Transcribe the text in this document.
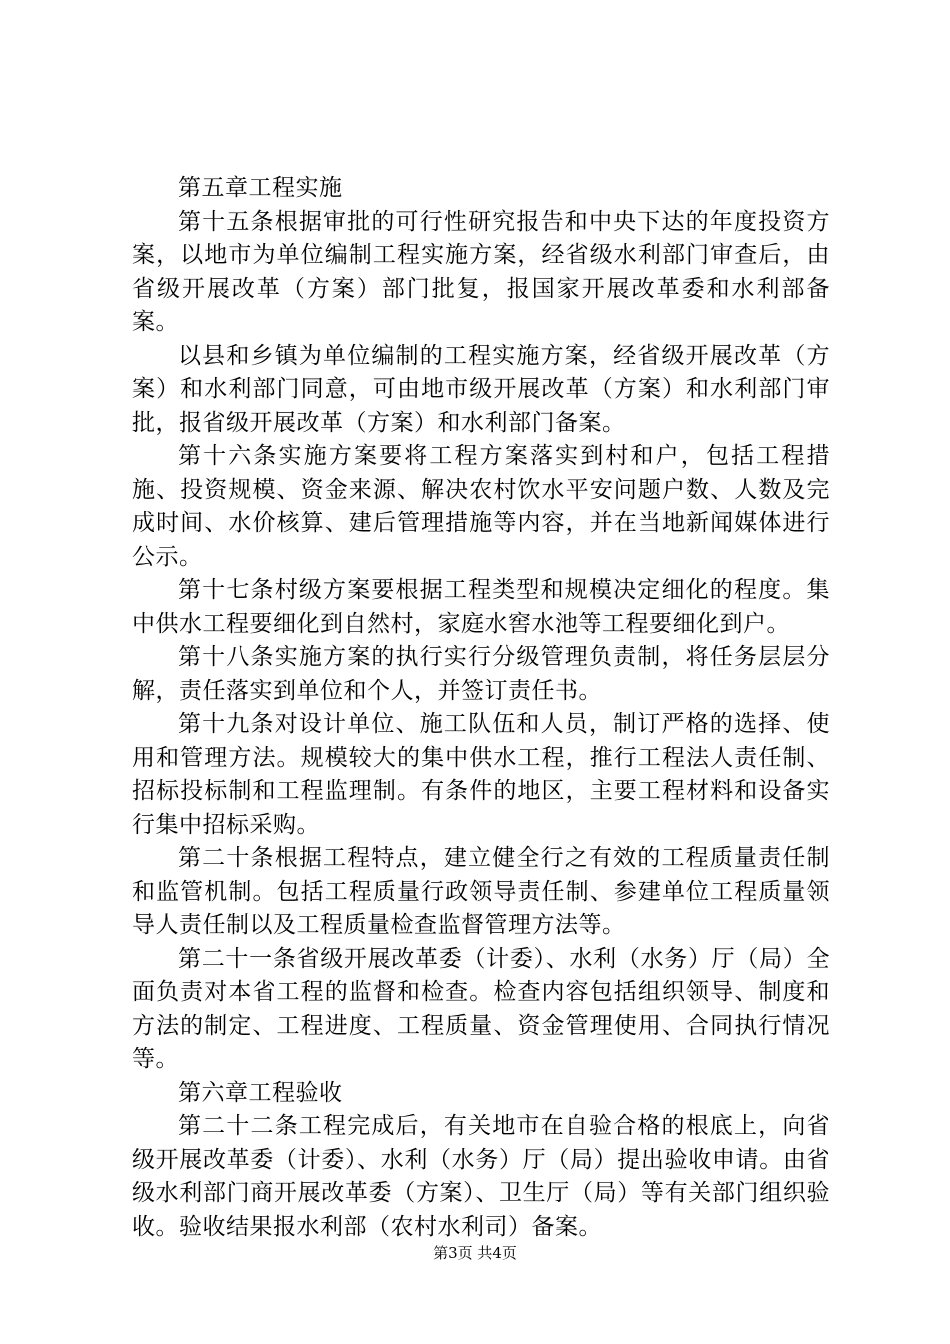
第五章工程实施

第十五条根据审批的可行性研究报告和中央下达的年度投资方案，以地市为单位编制工程实施方案，经省级水利部门审查后，由省级开展改革（方案）部门批复，报国家开展改革委和水利部备案。

以县和乡镇为单位编制的工程实施方案，经省级开展改革（方案）和水利部门同意，可由地市级开展改革（方案）和水利部门审批，报省级开展改革（方案）和水利部门备案。

第十六条实施方案要将工程方案落实到村和户，包括工程措施、投资规模、资金来源、解决农村饮水平安问题户数、人数及完成时间、水价核算、建后管理措施等内容，并在当地新闻媒体进行公示。

第十七条村级方案要根据工程类型和规模决定细化的程度。集中供水工程要细化到自然村，家庭水窖水池等工程要细化到户。

第十八条实施方案的执行实行分级管理负责制，将任务层层分解，责任落实到单位和个人，并签订责任书。

第十九条对设计单位、施工队伍和人员，制订严格的选择、使用和管理方法。规模较大的集中供水工程，推行工程法人责任制、招标投标制和工程监理制。有条件的地区，主要工程材料和设备实行集中招标采购。

第二十条根据工程特点，建立健全行之有效的工程质量责任制和监管机制。包括工程质量行政领导责任制、参建单位工程质量领导人责任制以及工程质量检查监督管理方法等。

第二十一条省级开展改革委（计委）、水利（水务）厅（局）全面负责对本省工程的监督和检查。检查内容包括组织领导、制度和方法的制定、工程进度、工程质量、资金管理使用、合同执行情况等。

第六章工程验收

第二十二条工程完成后，有关地市在自验合格的根底上，向省级开展改革委（计委）、水利（水务）厅（局）提出验收申请。由省级水利部门商开展改革委（方案）、卫生厅（局）等有关部门组织验收。验收结果报水利部（农村水利司）备案。

第3页 共4页
